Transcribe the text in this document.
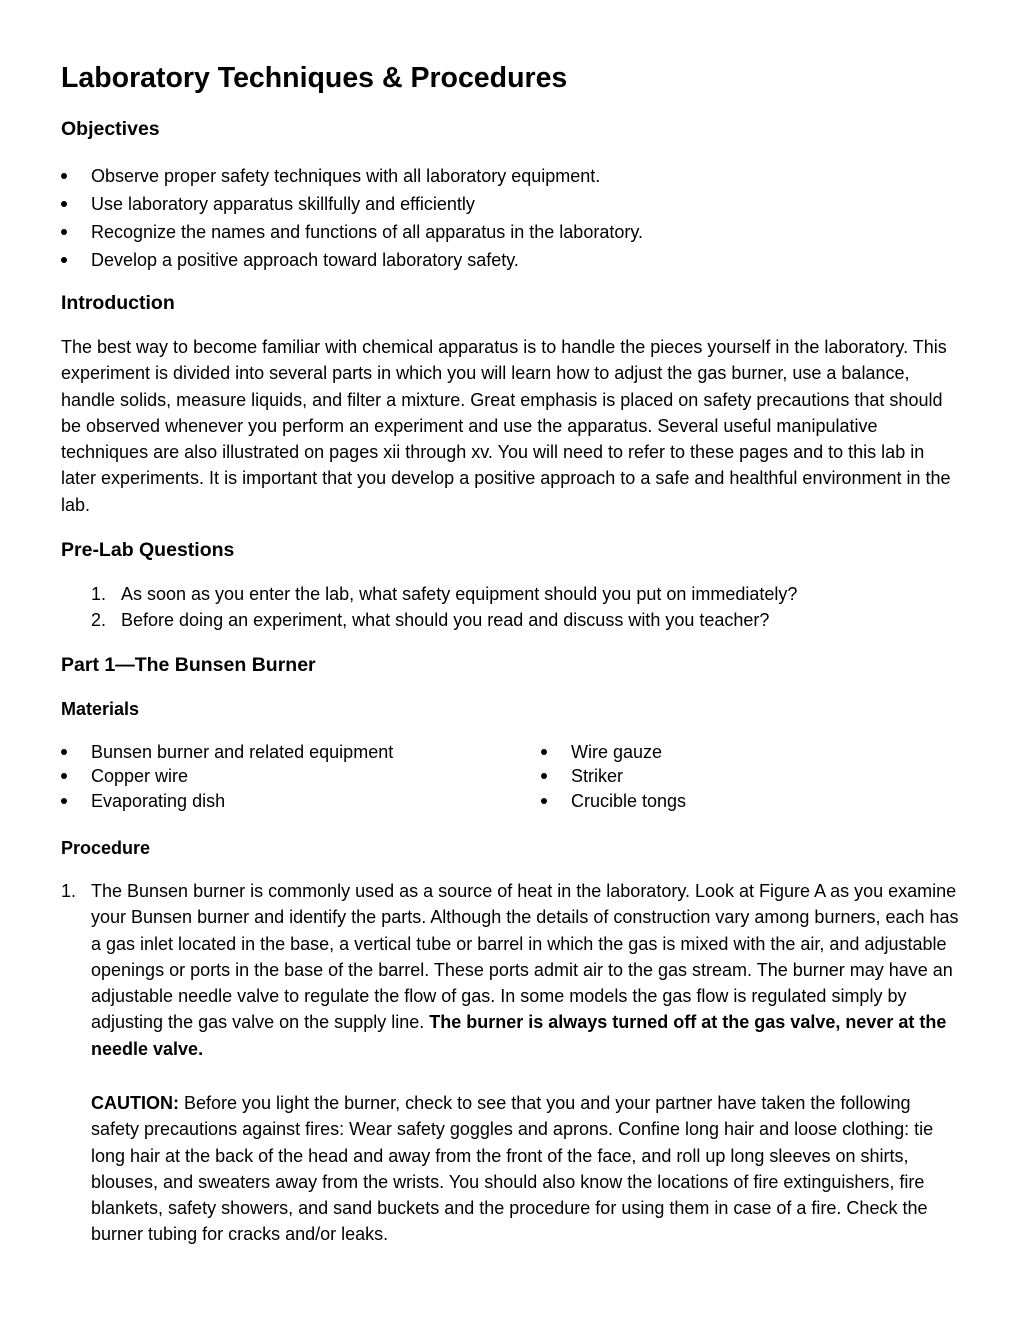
Laboratory Techniques & Procedures
Objectives
Observe proper safety techniques with all laboratory equipment.
Use laboratory apparatus skillfully and efficiently
Recognize the names and functions of all apparatus in the laboratory.
Develop a positive approach toward laboratory safety.
Introduction

The best way to become familiar with chemical apparatus is to handle the pieces yourself in the laboratory. This experiment is divided into several parts in which you will learn how to adjust the gas burner, use a balance, handle solids, measure liquids, and filter a mixture. Great emphasis is placed on safety precautions that should be observed whenever you perform an experiment and use the apparatus. Several useful manipulative techniques are also illustrated on pages xii through xv. You will need to refer to these pages and to this lab in later experiments. It is important that you develop a positive approach to a safe and healthful environment in the lab.

Pre-Lab Questions
1. As soon as you enter the lab, what safety equipment should you put on immediately?
2. Before doing an experiment, what should you read and discuss with you teacher?
Part 1—The Bunsen Burner
Materials
Bunsen burner and related equipment
Copper wire
Evaporating dish
Wire gauze
Striker
Crucible tongs
Procedure
1. The Bunsen burner is commonly used as a source of heat in the laboratory. Look at Figure A as you examine your Bunsen burner and identify the parts. Although the details of construction vary among burners, each has a gas inlet located in the base, a vertical tube or barrel in which the gas is mixed with the air, and adjustable openings or ports in the base of the barrel. These ports admit air to the gas stream. The burner may have an adjustable needle valve to regulate the flow of gas. In some models the gas flow is regulated simply by adjusting the gas valve on the supply line. The burner is always turned off at the gas valve, never at the needle valve.

CAUTION: Before you light the burner, check to see that you and your partner have taken the following safety precautions against fires: Wear safety goggles and aprons. Confine long hair and loose clothing: tie long hair at the back of the head and away from the front of the face, and roll up long sleeves on shirts, blouses, and sweaters away from the wrists. You should also know the locations of fire extinguishers, fire blankets, safety showers, and sand buckets and the procedure for using them in case of a fire. Check the burner tubing for cracks and/or leaks.
